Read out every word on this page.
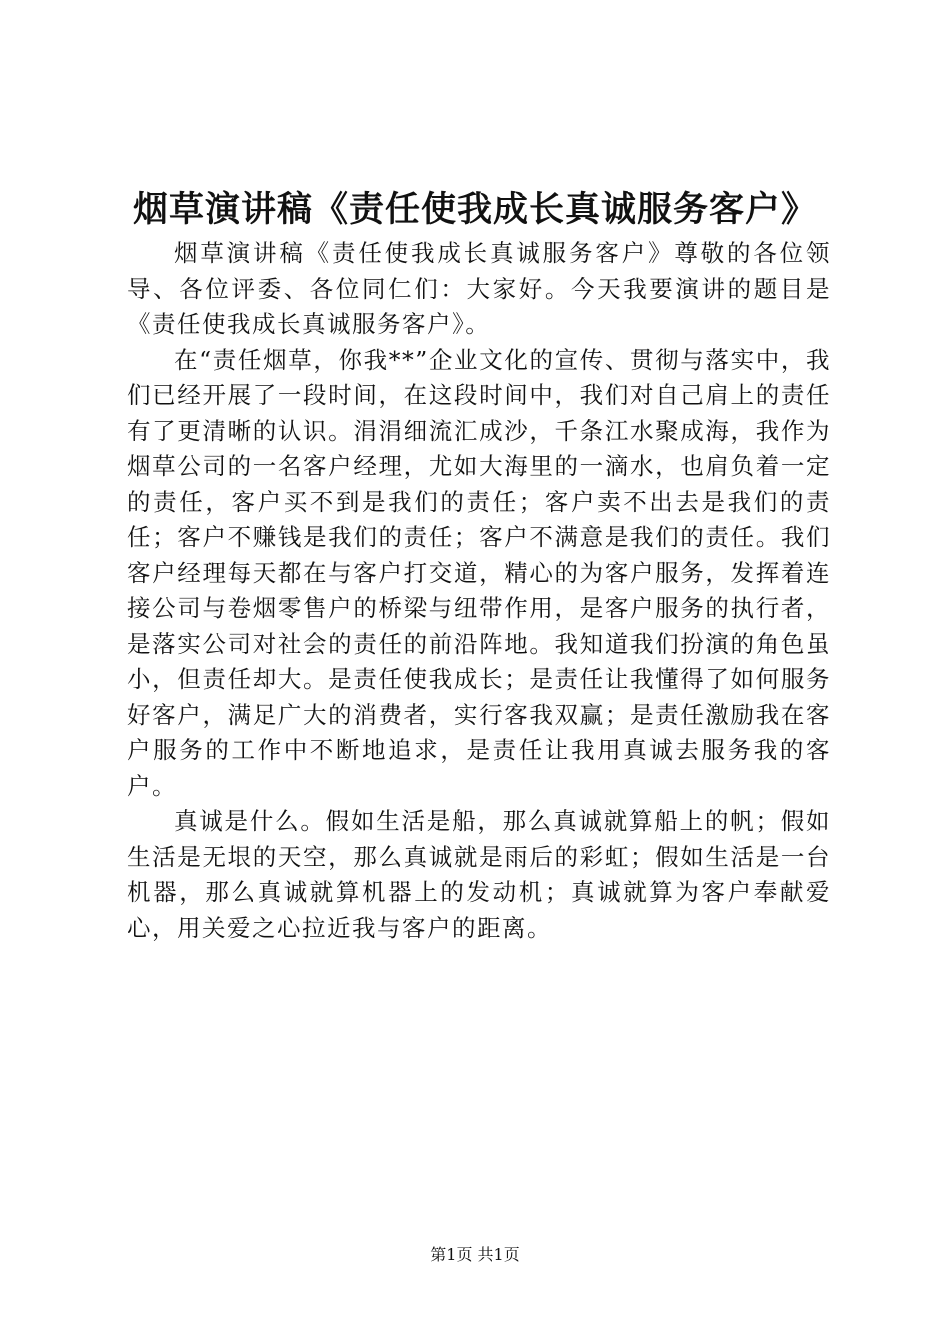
烟草演讲稿《责任使我成长真诚服务客户》

烟草演讲稿《责任使我成长真诚服务客户》尊敬的各位领导、各位评委、各位同仁们：大家好。今天我要演讲的题目是《责任使我成长真诚服务客户》。

在“责任烟草，你我**”企业文化的宣传、贯彻与落实中，我们已经开展了一段时间，在这段时间中，我们对自己肩上的责任有了更清晰的认识。涓涓细流汇成沙，千条江水聚成海，我作为烟草公司的一名客户经理，尤如大海里的一滴水，也肩负着一定的责任，客户买不到是我们的责任；客户卖不出去是我们的责任；客户不赚钱是我们的责任；客户不满意是我们的责任。我们客户经理每天都在与客户打交道，精心的为客户服务，发挥着连接公司与卷烟零售户的桥梁与纽带作用，是客户服务的执行者，是落实公司对社会的责任的前沿阵地。我知道我们扮演的角色虽小，但责任却大。是责任使我成长；是责任让我懂得了如何服务好客户，满足广大的消费者，实行客我双赢；是责任激励我在客户服务的工作中不断地追求，是责任让我用真诚去服务我的客户。

真诚是什么。假如生活是船，那么真诚就算船上的帆；假如生活是无垠的天空，那么真诚就是雨后的彩虹；假如生活是一台机器，那么真诚就算机器上的发动机；真诚就算为客户奉献爱心，用关爱之心拉近我与客户的距离。

第1页 共1页
